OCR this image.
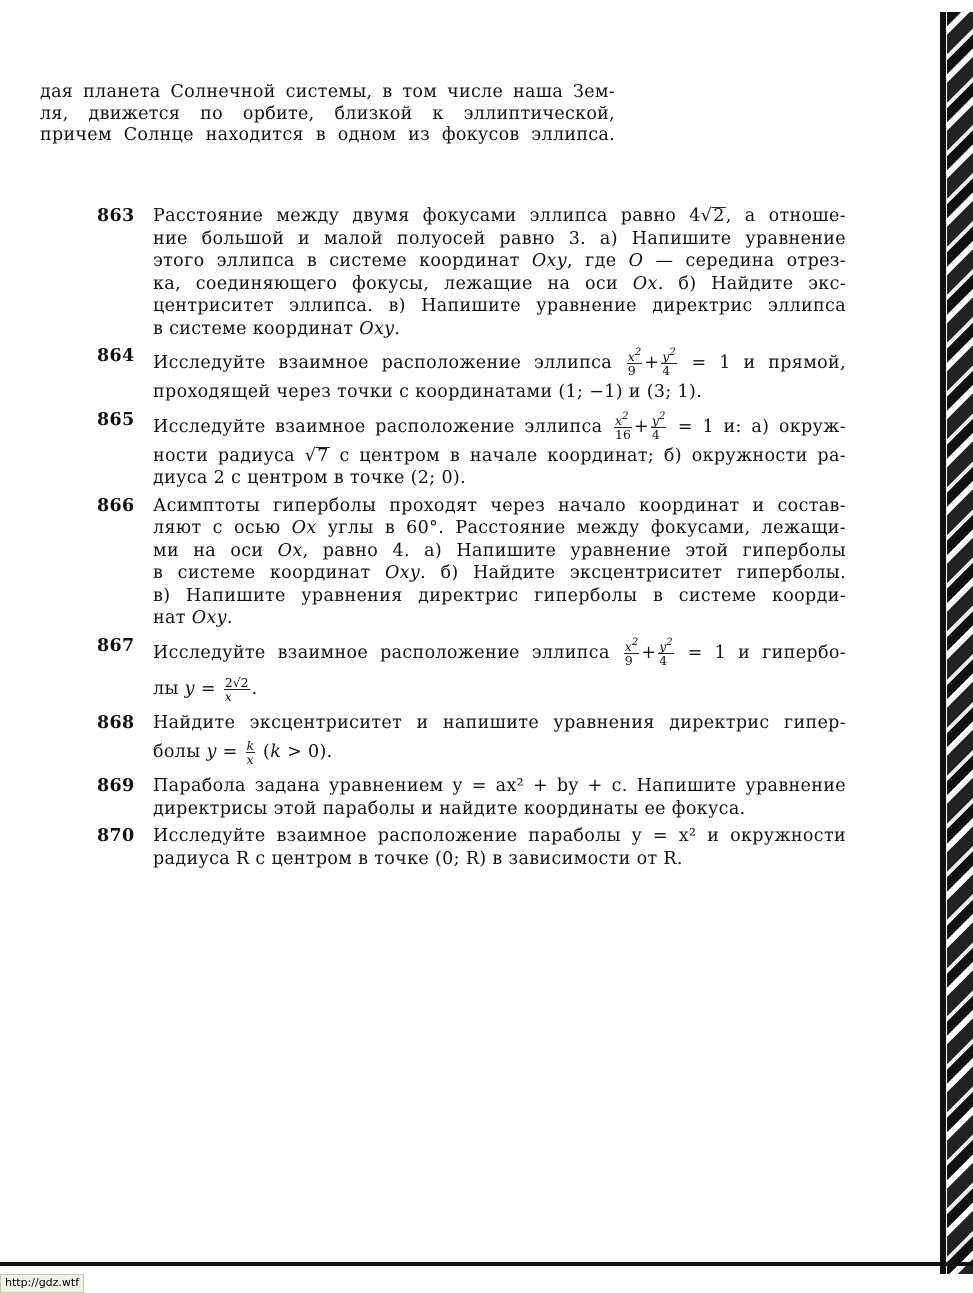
дая планета Солнечной системы, в том числе наша Зем-
ля, движется по орбите, близкой к эллиптической,
причем Солнце находится в одном из фокусов эллипса.
863 Расстояние между двумя фокусами эллипса равно 4√2, а отноше-
ние большой и малой полуосей равно 3. а) Напишите уравнение
этого эллипса в системе координат Oxy, где O — середина отрез-
ка, соединяющего фокусы, лежащие на оси Ox. б) Найдите экс-
центриситет эллипса. в) Напишите уравнение директрис эллипса
в системе координат Oxy.
864 Исследуйте взаимное расположение эллипса $\frac{x^2}{9} + \frac{y^2}{4} = 1$ и прямой,
проходящей через точки с координатами (1; −1) и (3; 1).
865 Исследуйте взаимное расположение эллипса $\frac{x^2}{16} + \frac{y^2}{4} = 1$ и: а) окруж-
ности радиуса √7 с центром в начале координат; б) окружности ра-
диуса 2 с центром в точке (2; 0).
866 Асимптоты гиперболы проходят через начало координат и состав-
ляют с осью Ox углы в 60°. Расстояние между фокусами, лежащи-
ми на оси Ox, равно 4. а) Напишите уравнение этой гиперболы
в системе координат Oxy. б) Найдите эксцентриситет гиперболы.
в) Напишите уравнения директрис гиперболы в системе коорди-
нат Oxy.
867 Исследуйте взаимное расположение эллипса $\frac{x^2}{9} + \frac{y^2}{4} = 1$ и гипербо-
лы $y = \frac{2√2}{x}$ .
868 Найдите эксцентриситет и напишите уравнения директрис гипер-
болы $y = \frac{k}{x} (k > 0)$.
869 Парабола задана уравнением y = ax² + by + c. Напишите уравнение
директрисы этой параболы и найдите координаты ее фокуса.
870 Исследуйте взаимное расположение параболы y = x² и окружности
радиуса R с центром в точке (0; R) в зависимости от R.
http://gdz.wtf
